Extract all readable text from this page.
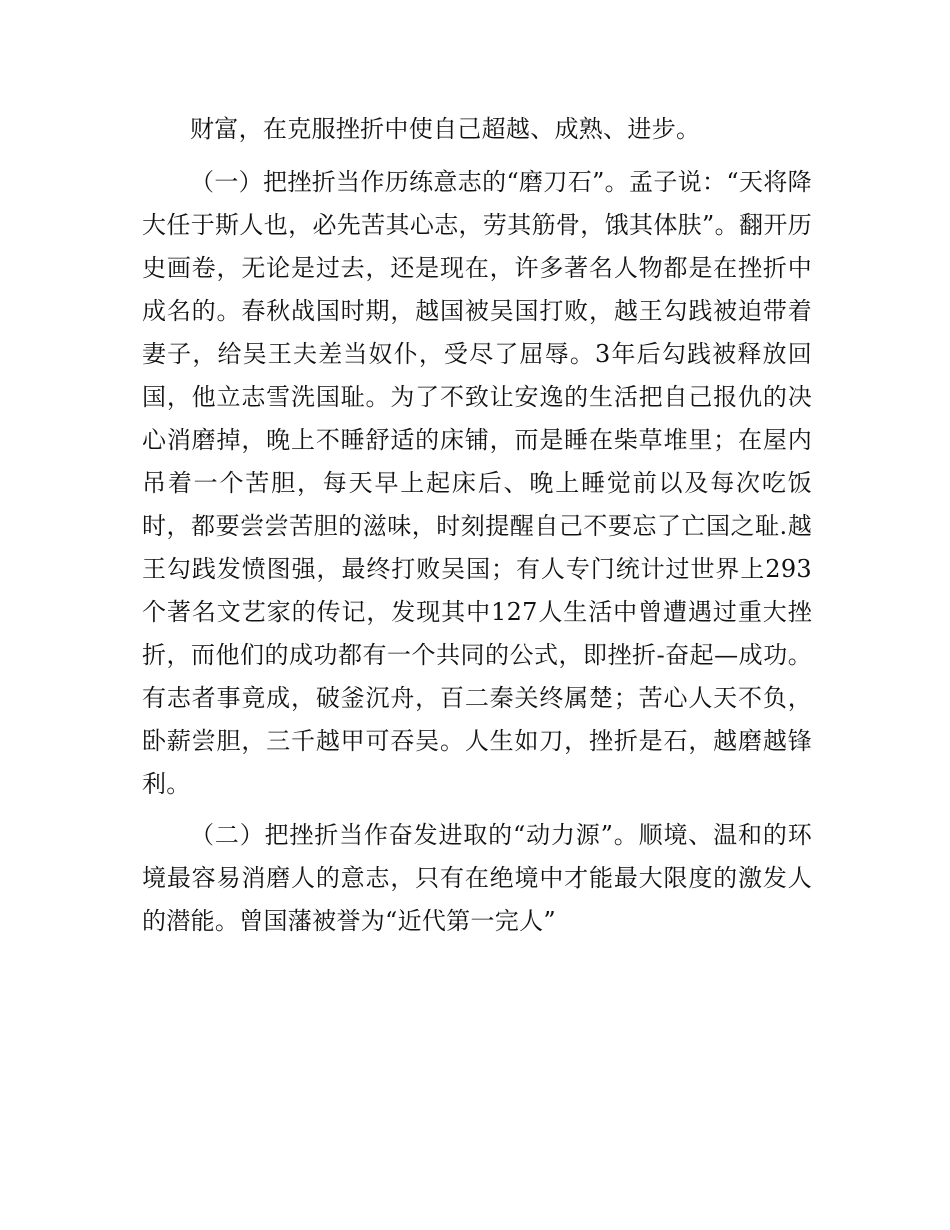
财富，在克服挫折中使自己超越、成熟、进步。

（一）把挫折当作历练意志的“磨刀石”。孟子说：“天将降大任于斯人也，必先苦其心志，劳其筋骨，饿其体肤”。翻开历史画卷，无论是过去，还是现在，许多著名人物都是在挫折中成名的。春秋战国时期，越国被吴国打败，越王勾践被迫带着妻子，给吴王夫差当奴仆，受尽了屈辱。3年后勾践被释放回国，他立志雪洗国耻。为了不致让安逸的生活把自己报仇的决心消磨掉，晚上不睡舒适的床铺，而是睡在柴草堆里；在屋内吊着一个苦胆，每天早上起床后、晚上睡觉前以及每次吃饭时，都要尝尝苦胆的滋味，时刻提醒自己不要忘了亡国之耻.越王勾践发愤图强，最终打败吴国；有人专门统计过世界上293个著名文艺家的传记，发现其中127人生活中曾遭遇过重大挫折，而他们的成功都有一个共同的公式，即挫折-奋起—成功。有志者事竟成，破釜沉舟，百二秦关终属楚；苦心人天不负，卧薪尝胆，三千越甲可吞吴。人生如刀，挫折是石，越磨越锋利。

（二）把挫折当作奋发进取的“动力源”。顺境、温和的环境最容易消磨人的意志，只有在绝境中才能最大限度的激发人的潜能。曾国藩被誉为“近代第一完人”
